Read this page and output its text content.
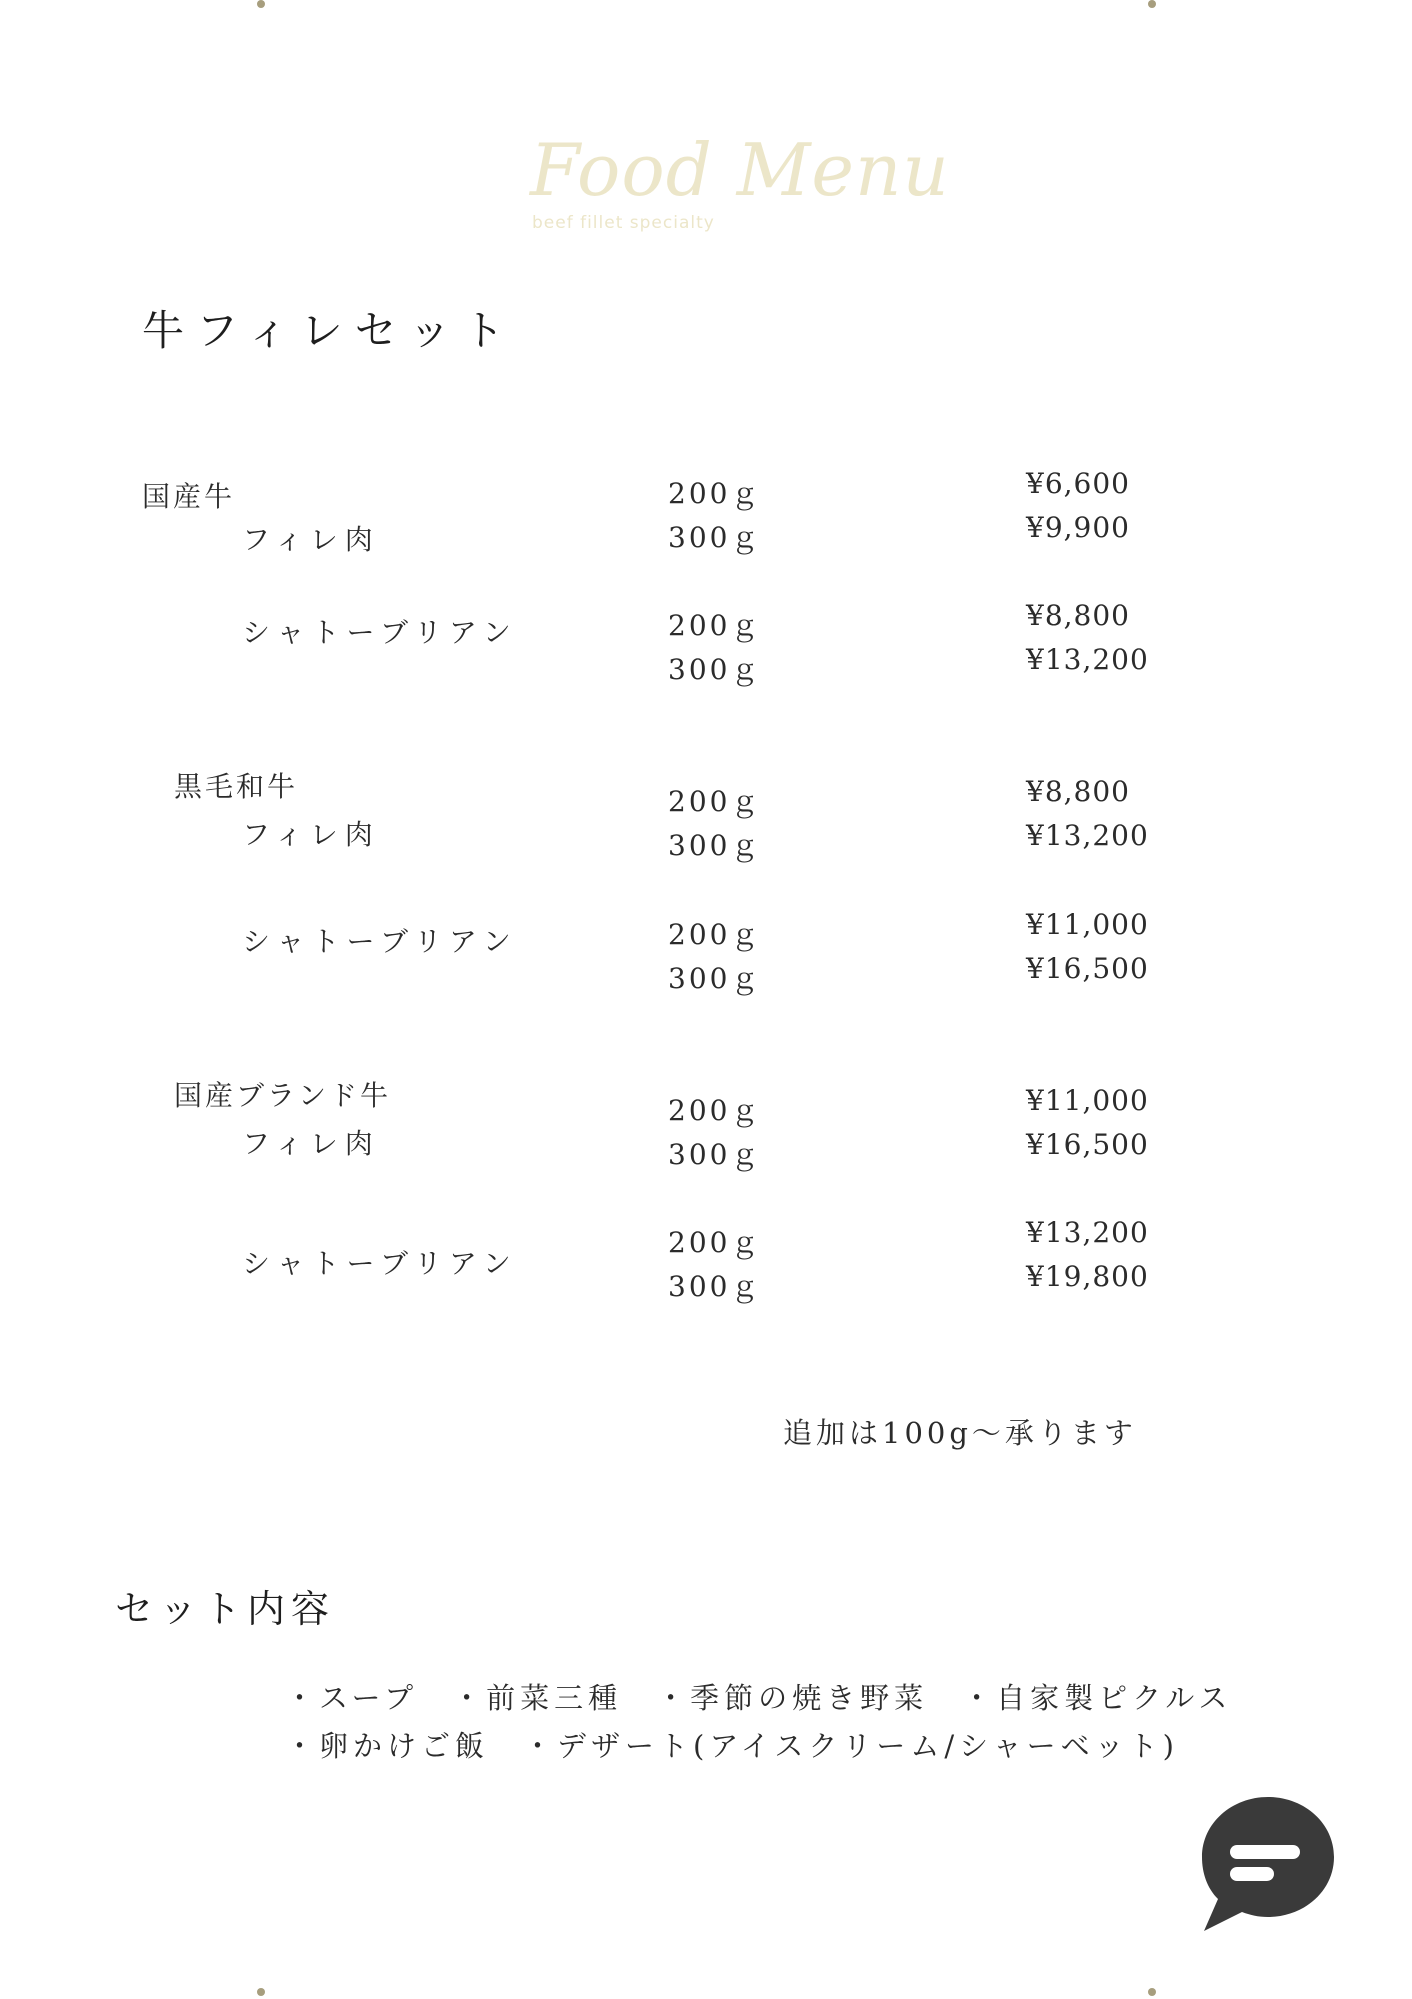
Food Menu
beef fillet specialty
牛フィレセット
国産牛
フィレ肉
200ｇ	¥6,600
300ｇ	¥9,900
シャトーブリアン	200ｇ	¥8,800
300ｇ	¥13,200
黒毛和牛
フィレ肉
200ｇ	¥8,800
300ｇ	¥13,200
シャトーブリアン	200ｇ	¥11,000
300ｇ	¥16,500
国産ブランド牛
フィレ肉
200ｇ	¥11,000
300ｇ	¥16,500
シャトーブリアン
200ｇ	¥13,200
300ｇ	¥19,800
追加は100g～承ります
セット内容
・スープ　・前菜三種　・季節の焼き野菜　・自家製ピクルス
・卵かけご飯　・デザート(アイスクリーム/シャーベット)
